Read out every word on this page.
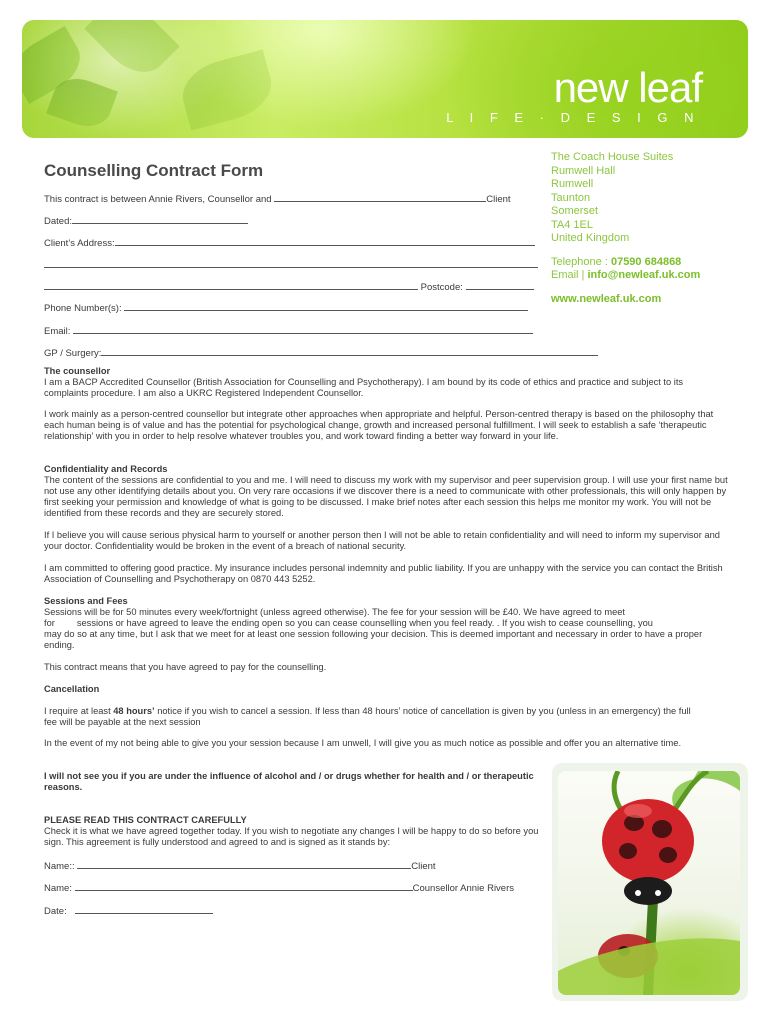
new leaf
L I F E · D E S I G N
Counselling Contract Form
The Coach House Suites
Rumwell Hall
Rumwell
Taunton
Somerset
TA4 1EL
United Kingdom
Telephone : 07590 684868
Email | info@newleaf.uk.com
www.newleaf.uk.com
This contract is between Annie Rivers, Counsellor and	Client
Dated:
Client’s Address:
Postcode:
Phone Number(s):
Email:
GP / Surgery:
The counsellor
I am a BACP Accredited Counsellor (British Association for Counselling and Psychotherapy). I am bound by its code of ethics and practice and subject to its complaints procedure. I am also a UKRC Registered Independent Counsellor.
I work mainly as a person-centred counsellor but integrate other approaches when appropriate and helpful. Person-centred therapy is based on the philosophy that each human being is of value and has the potential for psychological change, growth and increased personal fulfillment. I will seek to establish a safe ‘therapeutic relationship’ with you in order to help resolve whatever troubles you, and work toward finding a better way forward in your life.
Confidentiality and Records
The content of the sessions are confidential to you and me. I will need to discuss my work with my supervisor and peer supervision group. I will use your first name but not use any other identifying details about you. On very rare occasions if we discover there is a need to communicate with other professionals, this will only happen by first seeking your permission and knowledge of what is going to be discussed. I make brief notes after each session this helps me monitor my work. You will not be identified from these records and they are securely stored.
If I believe you will cause serious physical harm to yourself or another person then I will not be able to retain confidentiality and will need to inform my supervisor and your doctor. Confidentiality would be broken in the event of a breach of national security.
I am committed to offering good practice. My insurance includes personal indemnity and public liability. If you are unhappy with the service you can contact the British Association of Counselling and Psychotherapy on 0870 443 5252.
Sessions and Fees
Sessions will be for 50 minutes every week/fortnight (unless agreed otherwise). The fee for your session will be £40. We have agreed to meet
for sessions or have agreed to leave the ending open so you can cease counselling when you feel ready. . If you wish to cease counselling, you
may do so at any time, but I ask that we meet for at least one session following your decision. This is deemed important and necessary in order to have a proper ending.
This contract means that you have agreed to pay for the counselling.
Cancellation
I require at least 48 hours’ notice if you wish to cancel a session. If less than 48 hours’ notice of cancellation is given by you (unless in an emergency) the full fee will be payable at the next session
In the event of my not being able to give you your session because I am unwell, I will give you as much notice as possible and offer you an alternative time.
I will not see you if you are under the influence of alcohol and / or drugs whether for health and / or therapeutic reasons.
PLEASE READ THIS CONTRACT CAREFULLY
Check it is what we have agreed together today. If you wish to negotiate any changes I will be happy to do so before you sign. This agreement is fully understood and agreed to and is signed as it stands by:
Name::	Client
Name:	Counsellor Annie Rivers
Date:
